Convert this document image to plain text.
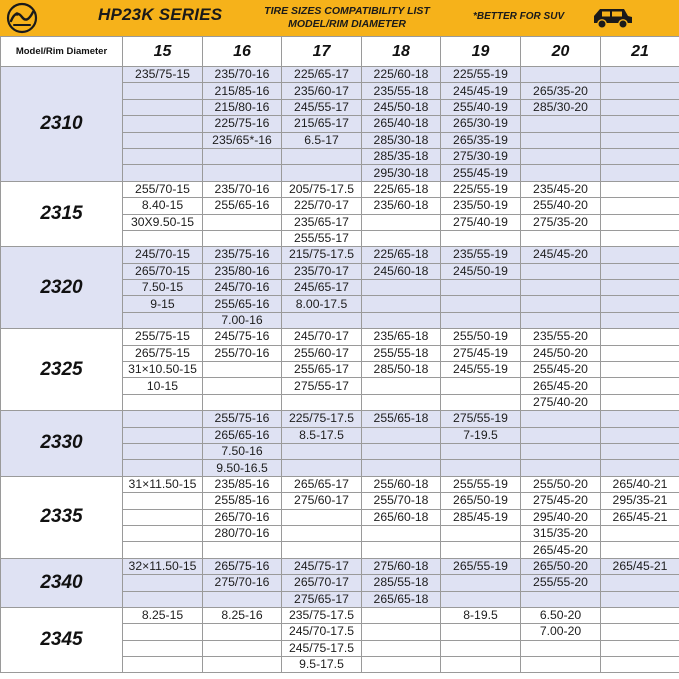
HP23K SERIES	TIRE SIZES COMPATIBILITY LIST
MODEL/RIM DIAMETER
*BETTER FOR SUV
Model/Rim Diameter	15	16	17	18	19	20	21
2310	235/75-15	235/70-16	225/65-17	225/60-18	225/55-19		
		215/85-16	235/60-17	235/55-18	245/45-19	265/35-20	
		215/80-16	245/55-17	245/50-18	255/40-19	285/30-20	
		225/75-16	215/65-17	265/40-18	265/30-19		
		235/65*-16	6.5-17	285/30-18	265/35-19		
				285/35-18	275/30-19		
				295/30-18	255/45-19		
2315	255/70-15	235/70-16	205/75-17.5	225/65-18	225/55-19	235/45-20	
	8.40-15	255/65-16	225/70-17	235/60-18	235/50-19	255/40-20	
	30X9.50-15		235/65-17		275/40-19	275/35-20	
			255/55-17				
2320	245/70-15	235/75-16	215/75-17.5	225/65-18	235/55-19	245/45-20	
	265/70-15	235/80-16	235/70-17	245/60-18	245/50-19		
	7.50-15	245/70-16	245/65-17				
	9-15	255/65-16	8.00-17.5				
		7.00-16					
2325	255/75-15	245/75-16	245/70-17	235/65-18	255/50-19	235/55-20	
	265/75-15	255/70-16	255/60-17	255/55-18	275/45-19	245/50-20	
	31×10.50-15		255/65-17	285/50-18	245/55-19	255/45-20	
	10-15		275/55-17			265/45-20	
						275/40-20	
2330		255/75-16	225/75-17.5	255/65-18	275/55-19		
		265/65-16	8.5-17.5		7-19.5		
		7.50-16					
		9.50-16.5					
2335	31×11.50-15	235/85-16	265/65-17	255/60-18	255/55-19	255/50-20	265/40-21
		255/85-16	275/60-17	255/70-18	265/50-19	275/45-20	295/35-21
		265/70-16		265/60-18	285/45-19	295/40-20	265/45-21
		280/70-16				315/35-20	
						265/45-20	
2340	32×11.50-15	265/75-16	245/75-17	275/60-18	265/55-19	265/50-20	265/45-21
		275/70-16	265/70-17	285/55-18		255/55-20	
			275/65-17	265/65-18			
2345	8.25-15	8.25-16	235/75-17.5		8-19.5	6.50-20	
			245/70-17.5			7.00-20	
			245/75-17.5				
			9.5-17.5				
